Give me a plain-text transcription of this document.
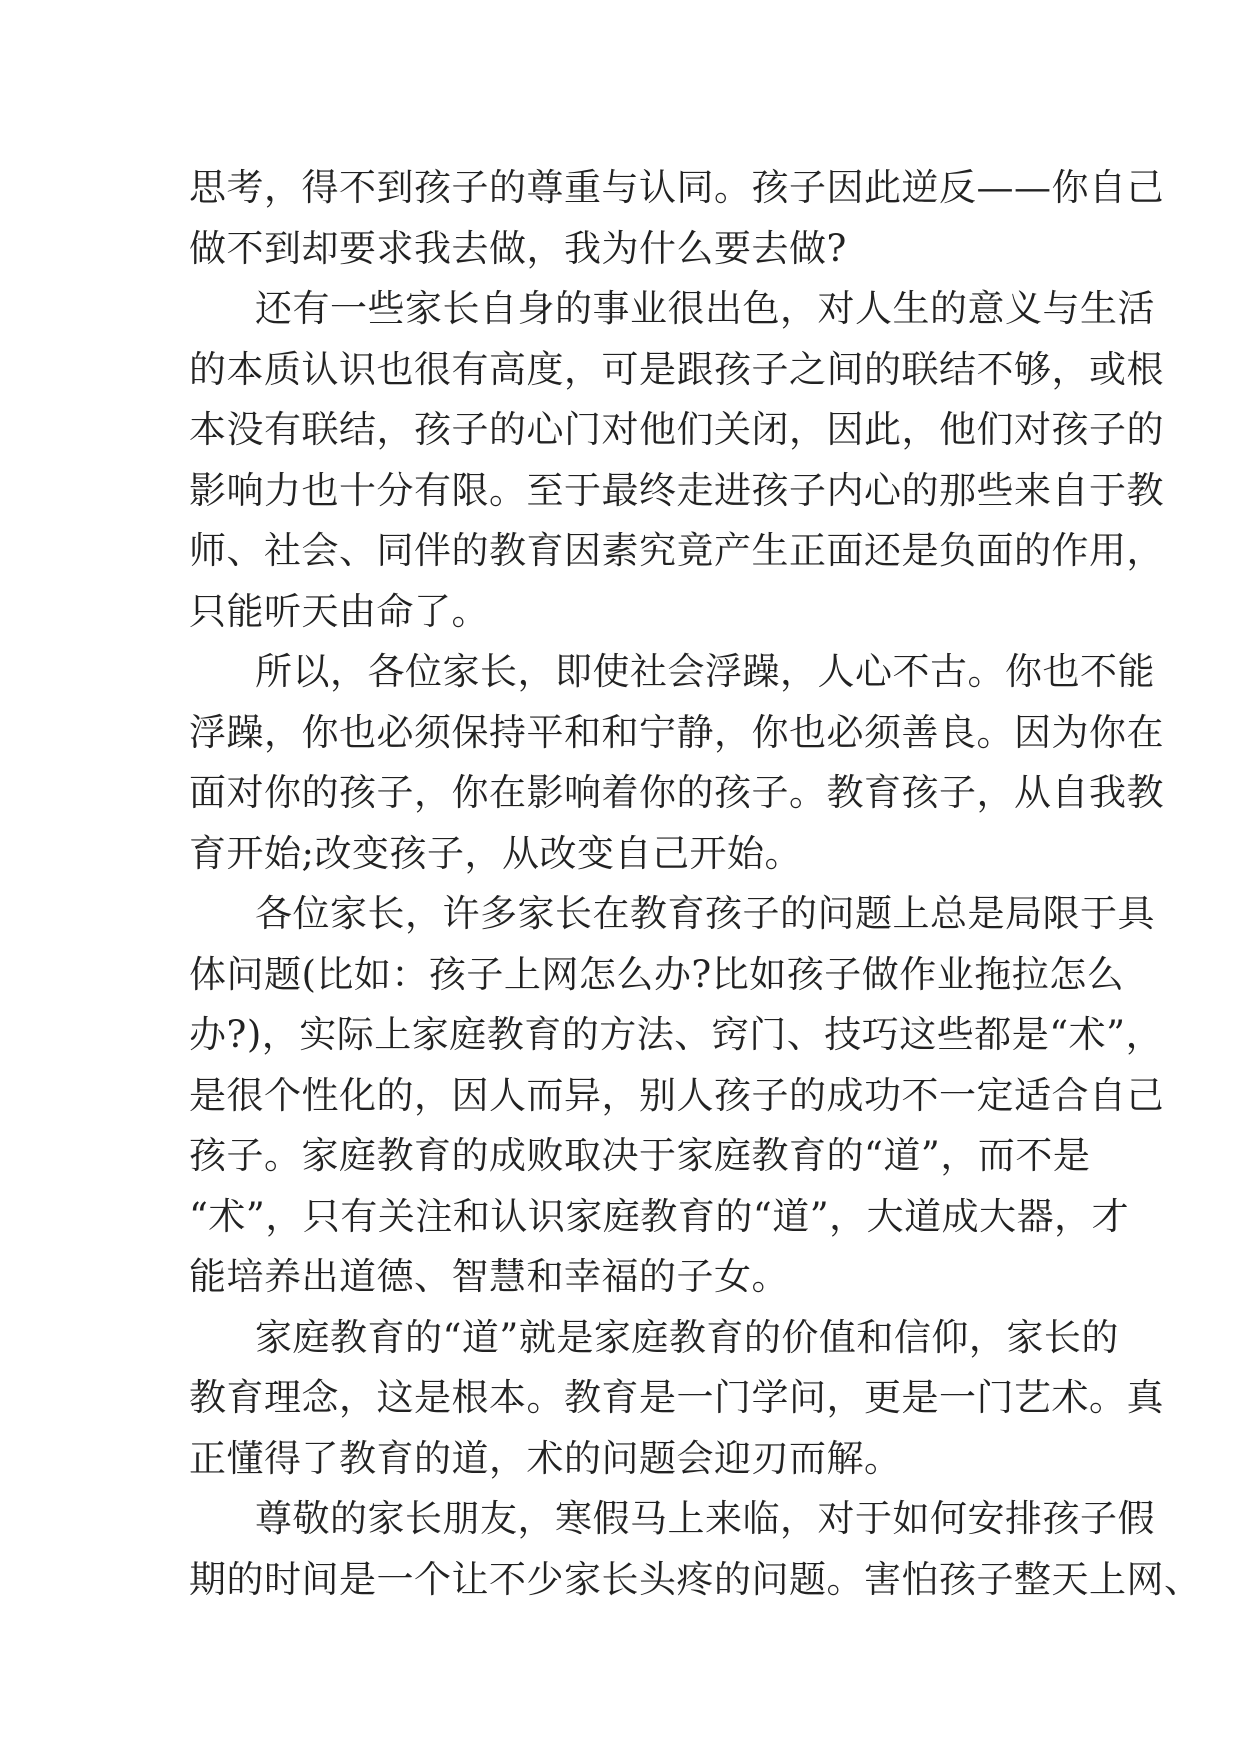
思考，得不到孩子的尊重与认同。孩子因此逆反——你自己
做不到却要求我去做，我为什么要去做?
还有一些家长自身的事业很出色，对人生的意义与生活
的本质认识也很有高度，可是跟孩子之间的联结不够，或根
本没有联结，孩子的心门对他们关闭，因此，他们对孩子的
影响力也十分有限。至于最终走进孩子内心的那些来自于教
师、社会、同伴的教育因素究竟产生正面还是负面的作用，
只能听天由命了。
所以，各位家长，即使社会浮躁，人心不古。你也不能
浮躁，你也必须保持平和和宁静，你也必须善良。因为你在
面对你的孩子，你在影响着你的孩子。教育孩子，从自我教
育开始;改变孩子，从改变自己开始。
各位家长，许多家长在教育孩子的问题上总是局限于具
体问题(比如：孩子上网怎么办?比如孩子做作业拖拉怎么
办?)，实际上家庭教育的方法、窍门、技巧这些都是“术”，
是很个性化的，因人而异，别人孩子的成功不一定适合自己
孩子。家庭教育的成败取决于家庭教育的“道”，而不是
“术”，只有关注和认识家庭教育的“道”，大道成大器，才
能培养出道德、智慧和幸福的子女。
家庭教育的“道”就是家庭教育的价值和信仰，家长的
教育理念，这是根本。教育是一门学问，更是一门艺术。真
正懂得了教育的道，术的问题会迎刃而解。
尊敬的家长朋友，寒假马上来临，对于如何安排孩子假
期的时间是一个让不少家长头疼的问题。害怕孩子整天上网、
